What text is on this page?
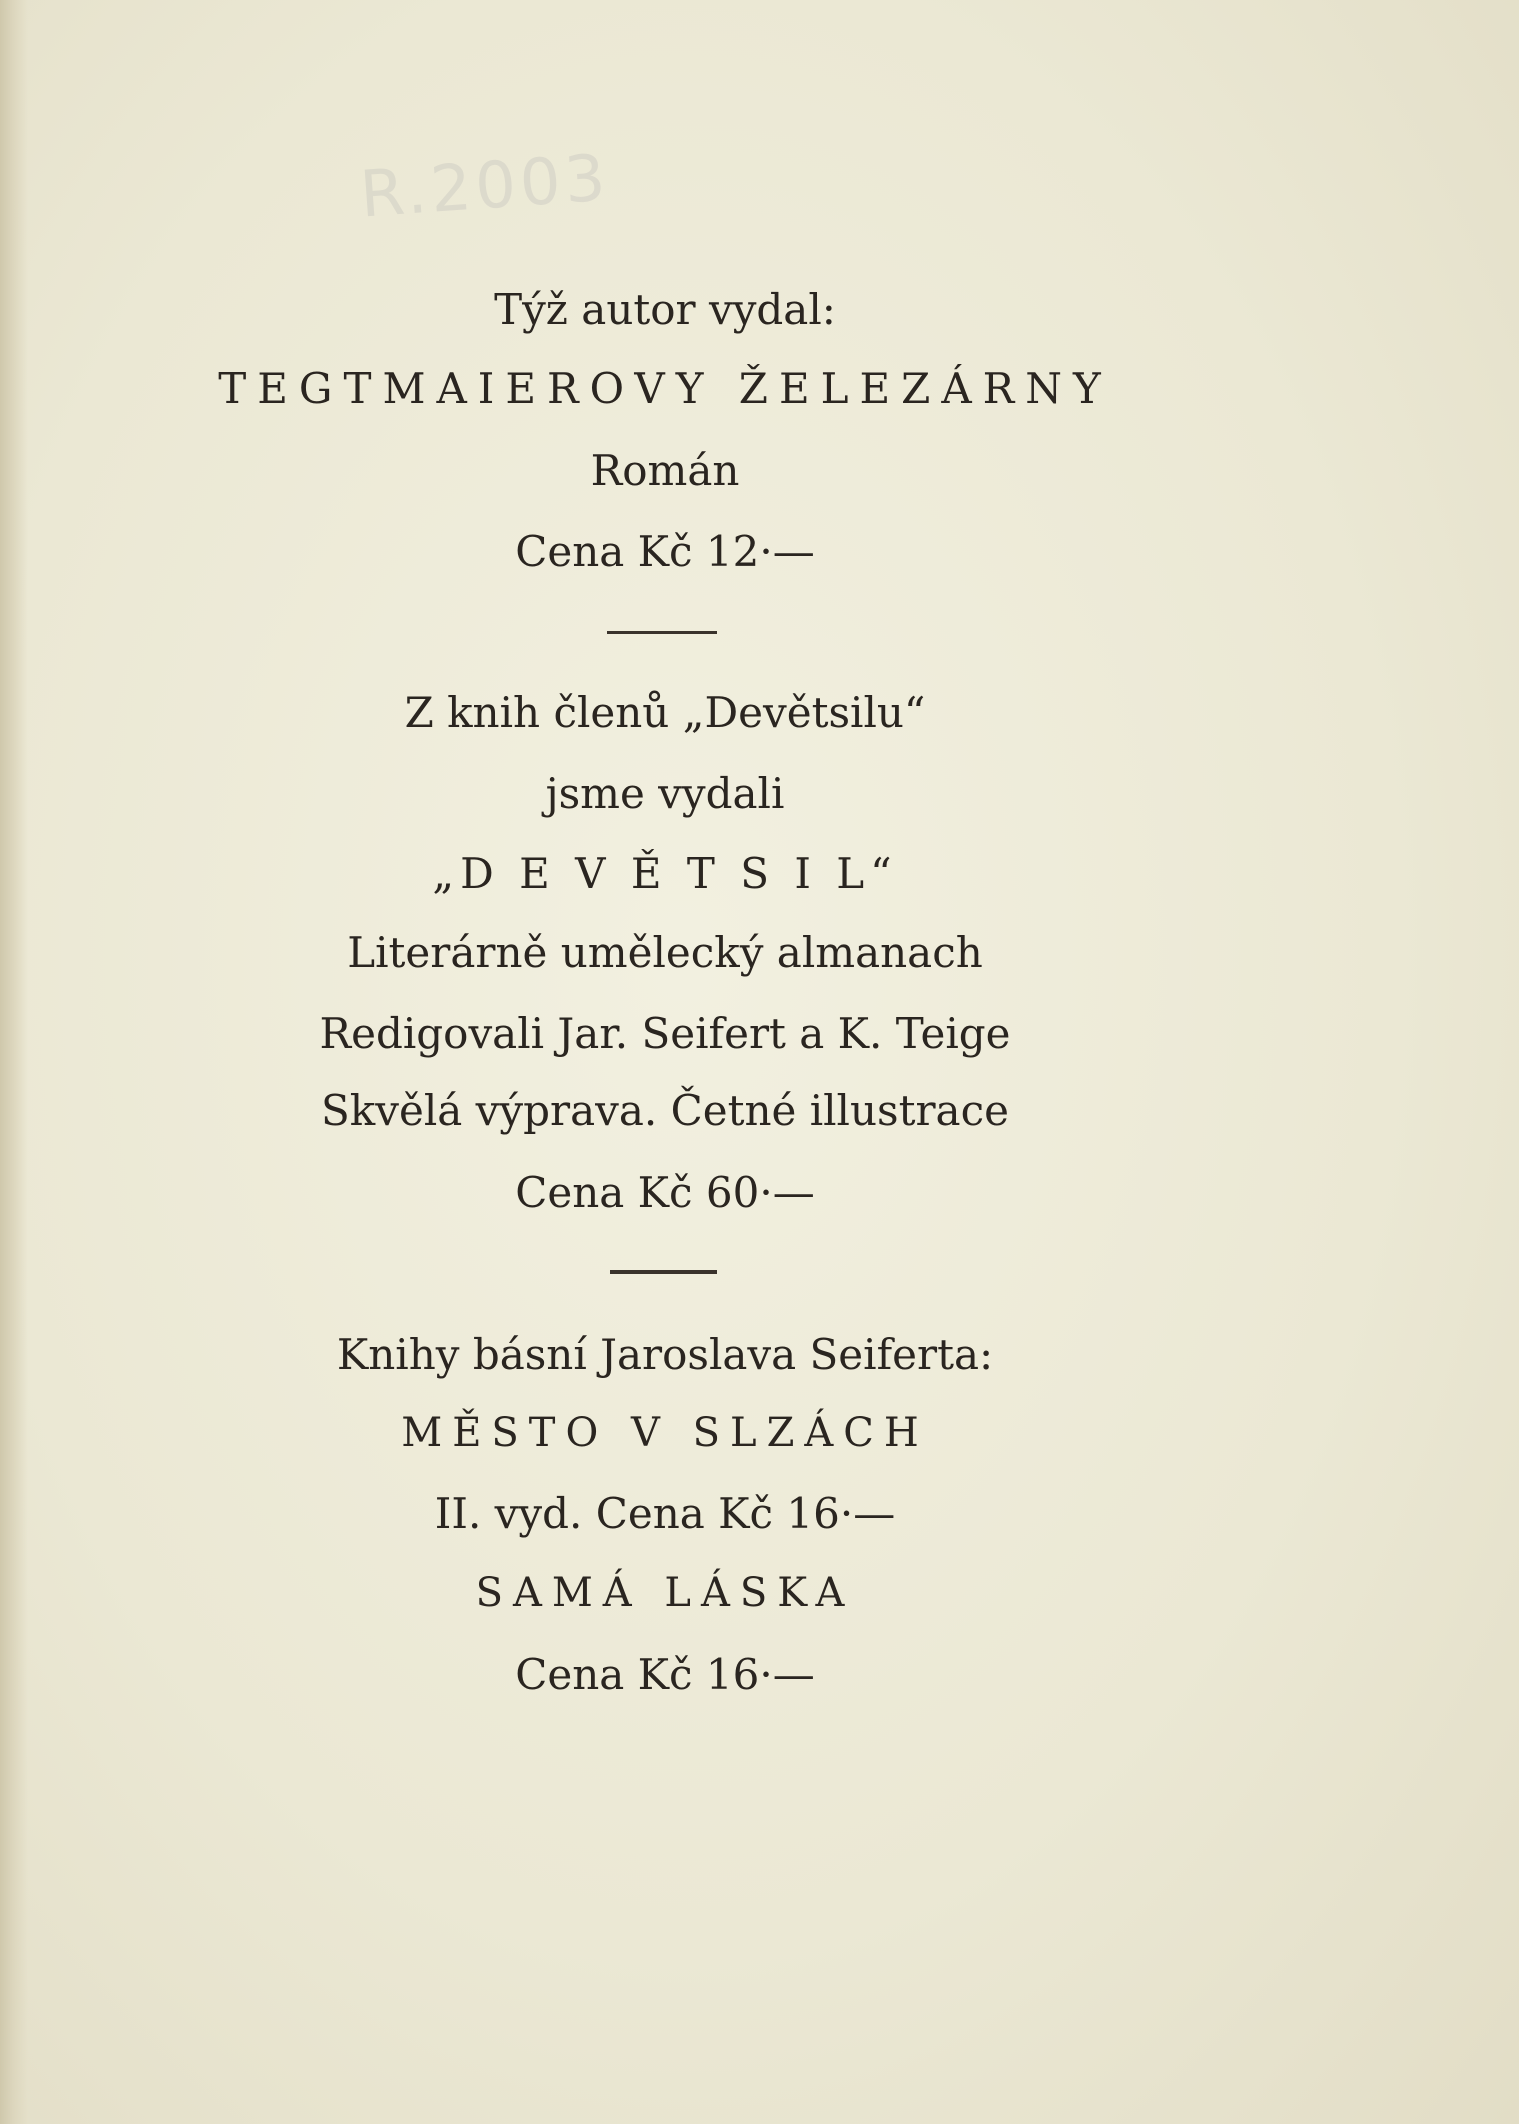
R.2003
Týž autor vydal:
TEGTMAIEROVY ŽELEZÁRNY
Román
Cena Kč 12·—
Z knih členů „Devětsilu“
jsme vydali
„D E V Ě T S I L“
Literárně umělecký almanach
Redigovali Jar. Seifert a K. Teige
Skvělá výprava. Četné illustrace
Cena Kč 60·—
Knihy básní Jaroslava Seiferta:
MĚSTO V SLZÁCH
II. vyd. Cena Kč 16·—
SAMÁ LÁSKA
Cena Kč 16·—
